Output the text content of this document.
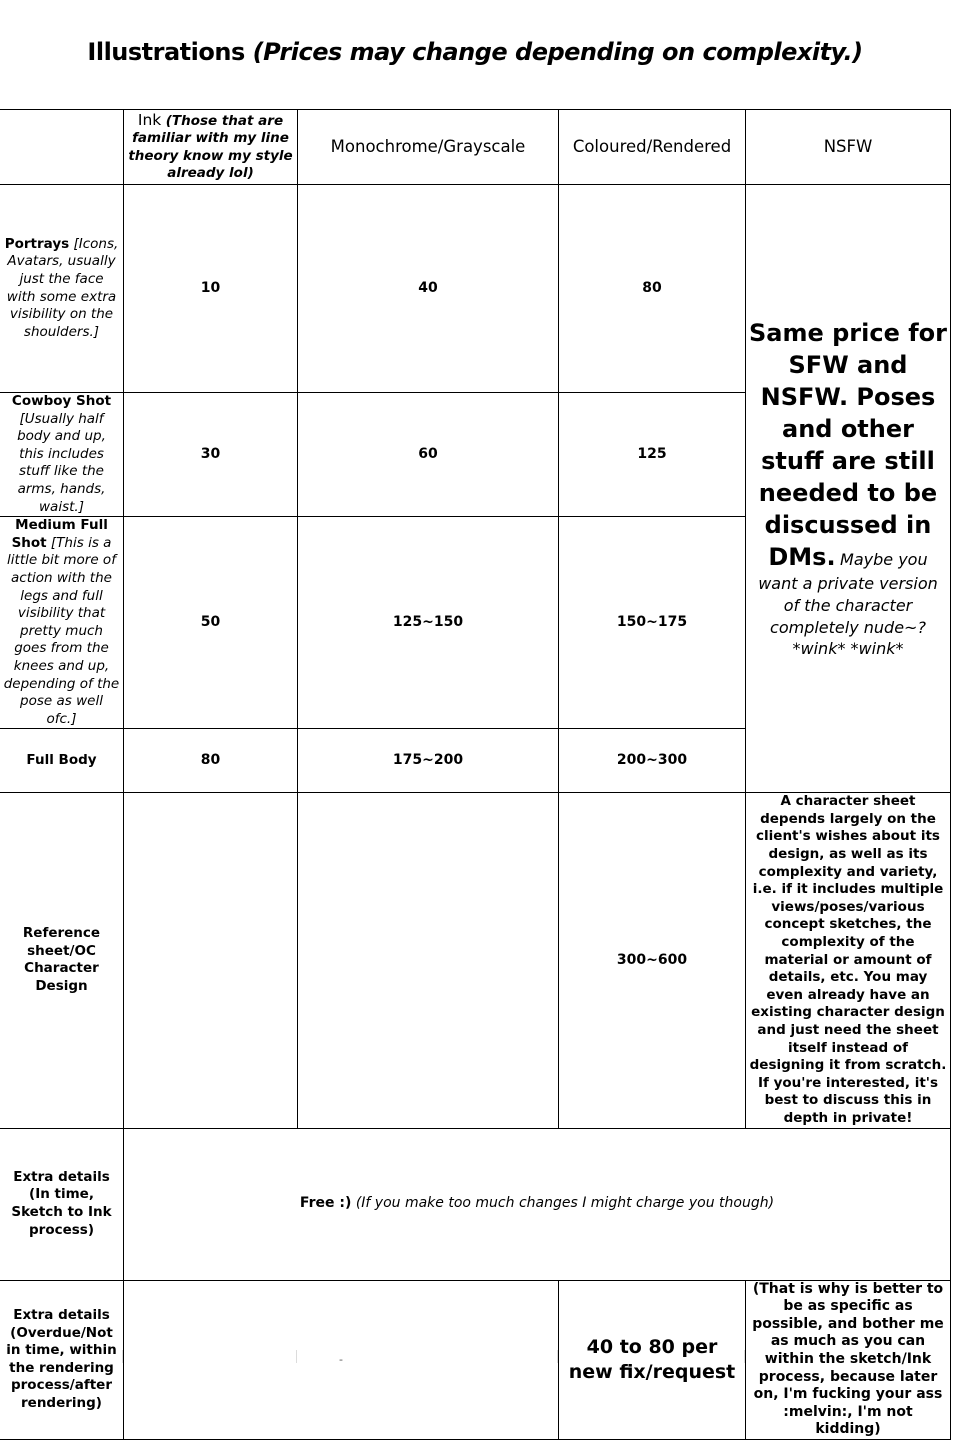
Illustrations (Prices may change depending on complexity.)
	Ink (Those that are familiar with my line theory know my style already lol)	Monochrome/Grayscale	Coloured/Rendered	NSFW
Portrays [Icons, Avatars, usually just the face with some extra visibility on the shoulders.]	10	40	80	Same price for SFW and NSFW. Poses and other stuff are still needed to be discussed in DMs. Maybe you want a private version of the character completely nude~? *wink* *wink*
Cowboy Shot [Usually half body and up, this includes stuff like the arms, hands, waist.]	30	60	125	
Medium Full Shot [This is a little bit more of action with the legs and full visibility that pretty much goes from the knees and up, depending of the pose as well ofc.]	50	125~150	150~175	
Full Body	80	175~200	200~300	
Reference sheet/OC Character Design			300~600	A character sheet depends largely on the client's wishes about its design, as well as its complexity and variety, i.e. if it includes multiple views/poses/various concept sketches, the complexity of the material or amount of details, etc. You may even already have an existing character design and just need the sheet itself instead of designing it from scratch. If you're interested, it's best to discuss this in depth in private!
Extra details (In time, Sketch to Ink process)	Free :) (If you make too much changes I might charge you though)			
Extra details (Overdue/Not in time, within the rendering process/after rendering)	-		40 to 80 per new fix/request	(That is why is better to be as specific as possible, and bother me as much as you can within the sketch/Ink process, because later on, I'm fucking your ass :melvin:, I'm not kidding)
